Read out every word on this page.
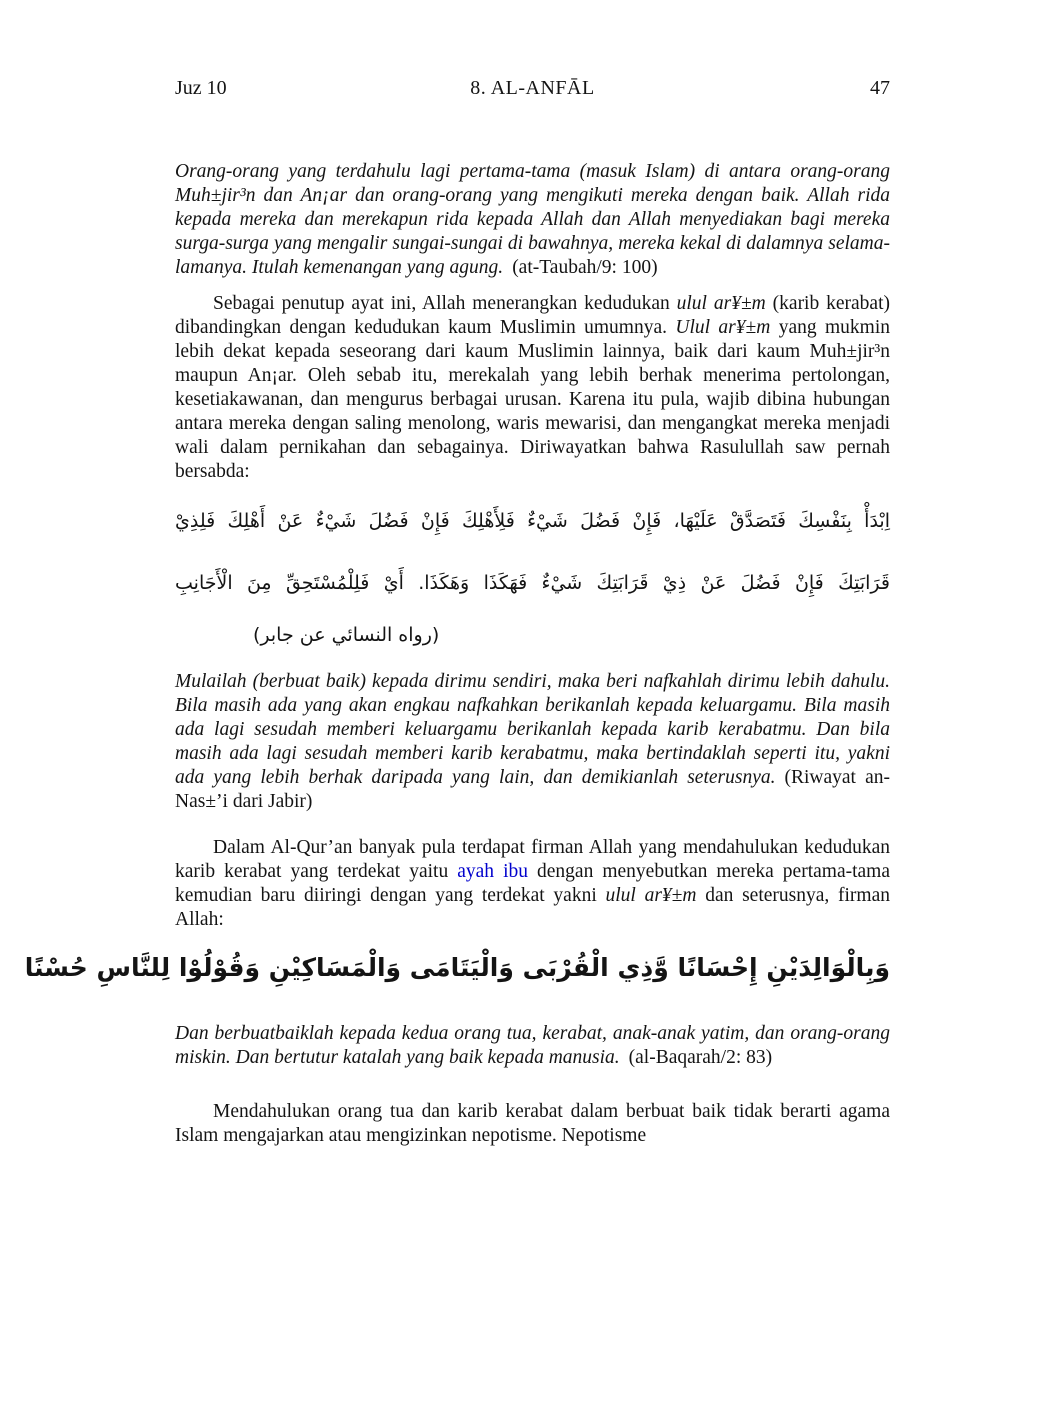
Juz 10	8. AL-ANFĀL	47

Orang-orang yang terdahulu lagi pertama-tama (masuk Islam) di antara orang-orang Muh±jir³n dan An¡ar dan orang-orang yang mengikuti mereka dengan baik. Allah rida kepada mereka dan merekapun rida kepada Allah dan Allah menyediakan bagi mereka surga-surga yang mengalir sungai-sungai di bawahnya, mereka kekal di dalamnya selama-lamanya. Itulah kemenangan yang agung. (at-Taubah/9: 100)

Sebagai penutup ayat ini, Allah menerangkan kedudukan ulul ar¥±m (karib kerabat) dibandingkan dengan kedudukan kaum Muslimin umumnya. Ulul ar¥±m yang mukmin lebih dekat kepada seseorang dari kaum Muslimin lainnya, baik dari kaum Muh±jir³n maupun An¡ar. Oleh sebab itu, merekalah yang lebih berhak menerima pertolongan, kesetiakawanan, dan mengurus berbagai urusan. Karena itu pula, wajib dibina hubungan antara mereka dengan saling menolong, waris mewarisi, dan mengangkat mereka menjadi wali dalam pernikahan dan sebagainya. Diriwayatkan bahwa Rasulullah saw pernah bersabda:

اِبْدَأْ بِنَفْسِكَ فَتَصَدَّقْ عَلَيْهَا، فَإِنْ فَضُلَ شَيْءٌ فَلِأَهْلِكَ فَإِنْ فَضُلَ شَيْءٌ عَنْ أَهْلِكَ فَلِذِيْ
قَرَابَتِكَ فَإِنْ فَضُلَ عَنْ ذِيْ قَرَابَتِكَ شَيْءٌ فَهَكَذَا وَهَكَذَا. أَيْ فَلِلْمُسْتَحِقِّ مِنَ الْأَجَانِبِ
(رواه النسائي عن جابر)

Mulailah (berbuat baik) kepada dirimu sendiri, maka beri nafkahlah dirimu lebih dahulu. Bila masih ada yang akan engkau nafkahkan berikanlah kepada keluargamu. Bila masih ada lagi sesudah memberi keluargamu berikanlah kepada karib kerabatmu. Dan bila masih ada lagi sesudah memberi karib kerabatmu, maka bertindaklah seperti itu, yakni ada yang lebih berhak daripada yang lain, dan demikianlah seterusnya. (Riwayat an-Nas±’i dari Jabir)

Dalam Al-Qur’an banyak pula terdapat firman Allah yang mendahulukan kedudukan karib kerabat yang terdekat yaitu ayah ibu dengan menyebutkan mereka pertama-tama kemudian baru diiringi dengan yang terdekat yakni ulul ar¥±m dan seterusnya, firman Allah:

وَبِالْوَالِدَيْنِ إِحْسَانًا وَّذِي الْقُرْبَى وَالْيَتَامَى وَالْمَسَاكِيْنِ وَقُوْلُوْا لِلنَّاسِ حُسْنًا

Dan berbuatbaiklah kepada kedua orang tua, kerabat, anak-anak yatim, dan orang-orang miskin. Dan bertutur katalah yang baik kepada manusia. (al-Baqarah/2: 83)

Mendahulukan orang tua dan karib kerabat dalam berbuat baik tidak berarti agama Islam mengajarkan atau mengizinkan nepotisme. Nepotisme
